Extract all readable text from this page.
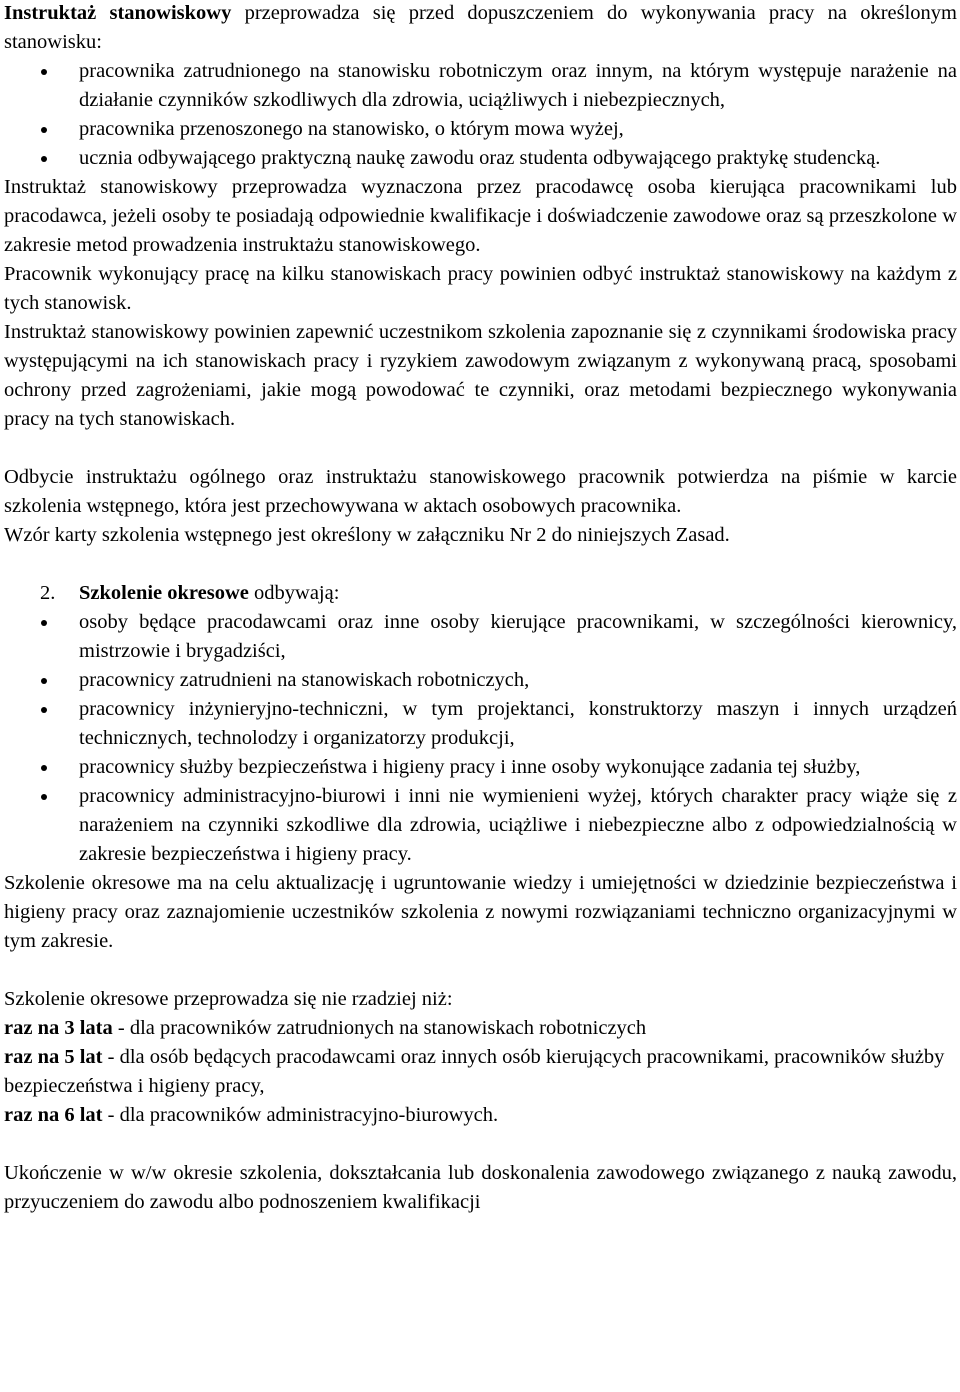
Instruktaż stanowiskowy przeprowadza się przed dopuszczeniem do wykonywania pracy na określonym stanowisku:

pracownika zatrudnionego na stanowisku robotniczym oraz innym, na którym występuje narażenie na działanie czynników szkodliwych dla zdrowia, uciążliwych i niebezpiecznych,
pracownika przenoszonego na stanowisko, o którym mowa wyżej,
ucznia odbywającego praktyczną naukę zawodu oraz studenta odbywającego praktykę studencką.

Instruktaż stanowiskowy przeprowadza wyznaczona przez pracodawcę osoba kierująca pracownikami lub pracodawca, jeżeli osoby te posiadają odpowiednie kwalifikacje i doświadczenie zawodowe oraz są przeszkolone w zakresie metod prowadzenia instruktażu stanowiskowego.

Pracownik wykonujący pracę na kilku stanowiskach pracy powinien odbyć instruktaż stanowiskowy na każdym z tych stanowisk.

Instruktaż stanowiskowy powinien zapewnić uczestnikom szkolenia zapoznanie się z czynnikami środowiska pracy występującymi na ich stanowiskach pracy i ryzykiem zawodowym związanym z wykonywaną pracą, sposobami ochrony przed zagrożeniami, jakie mogą powodować te czynniki, oraz metodami bezpiecznego wykonywania pracy na tych stanowiskach.

Odbycie instruktażu ogólnego oraz instruktażu stanowiskowego pracownik potwierdza na piśmie w karcie szkolenia wstępnego, która jest przechowywana w aktach osobowych pracownika.

Wzór karty szkolenia wstępnego jest określony w załączniku Nr 2 do niniejszych Zasad.

2. Szkolenie okresowe odbywają:

osoby będące pracodawcami oraz inne osoby kierujące pracownikami, w szczególności kierownicy, mistrzowie i brygadziści,
pracownicy zatrudnieni na stanowiskach robotniczych,
pracownicy inżynieryjno-techniczni, w tym projektanci, konstruktorzy maszyn i innych urządzeń technicznych, technolodzy i organizatorzy produkcji,
pracownicy służby bezpieczeństwa i higieny pracy i inne osoby wykonujące zadania tej służby,
pracownicy administracyjno-biurowi i inni nie wymienieni wyżej, których charakter pracy wiąże się z narażeniem na czynniki szkodliwe dla zdrowia, uciążliwe i niebezpieczne albo z odpowiedzialnością w zakresie bezpieczeństwa i higieny pracy.

Szkolenie okresowe ma na celu aktualizację i ugruntowanie wiedzy i umiejętności w dziedzinie bezpieczeństwa i higieny pracy oraz zaznajomienie uczestników szkolenia z nowymi rozwiązaniami techniczno organizacyjnymi w tym zakresie.

Szkolenie okresowe przeprowadza się nie rzadziej niż:

raz na 3 lata - dla pracowników zatrudnionych na stanowiskach robotniczych

raz na 5 lat - dla osób będących pracodawcami oraz innych osób kierujących pracownikami, pracowników służby bezpieczeństwa i higieny pracy,

raz na 6 lat - dla pracowników administracyjno-biurowych.

Ukończenie w w/w okresie szkolenia, dokształcania lub doskonalenia zawodowego związanego z nauką zawodu, przyuczeniem do zawodu albo podnoszeniem kwalifikacji
